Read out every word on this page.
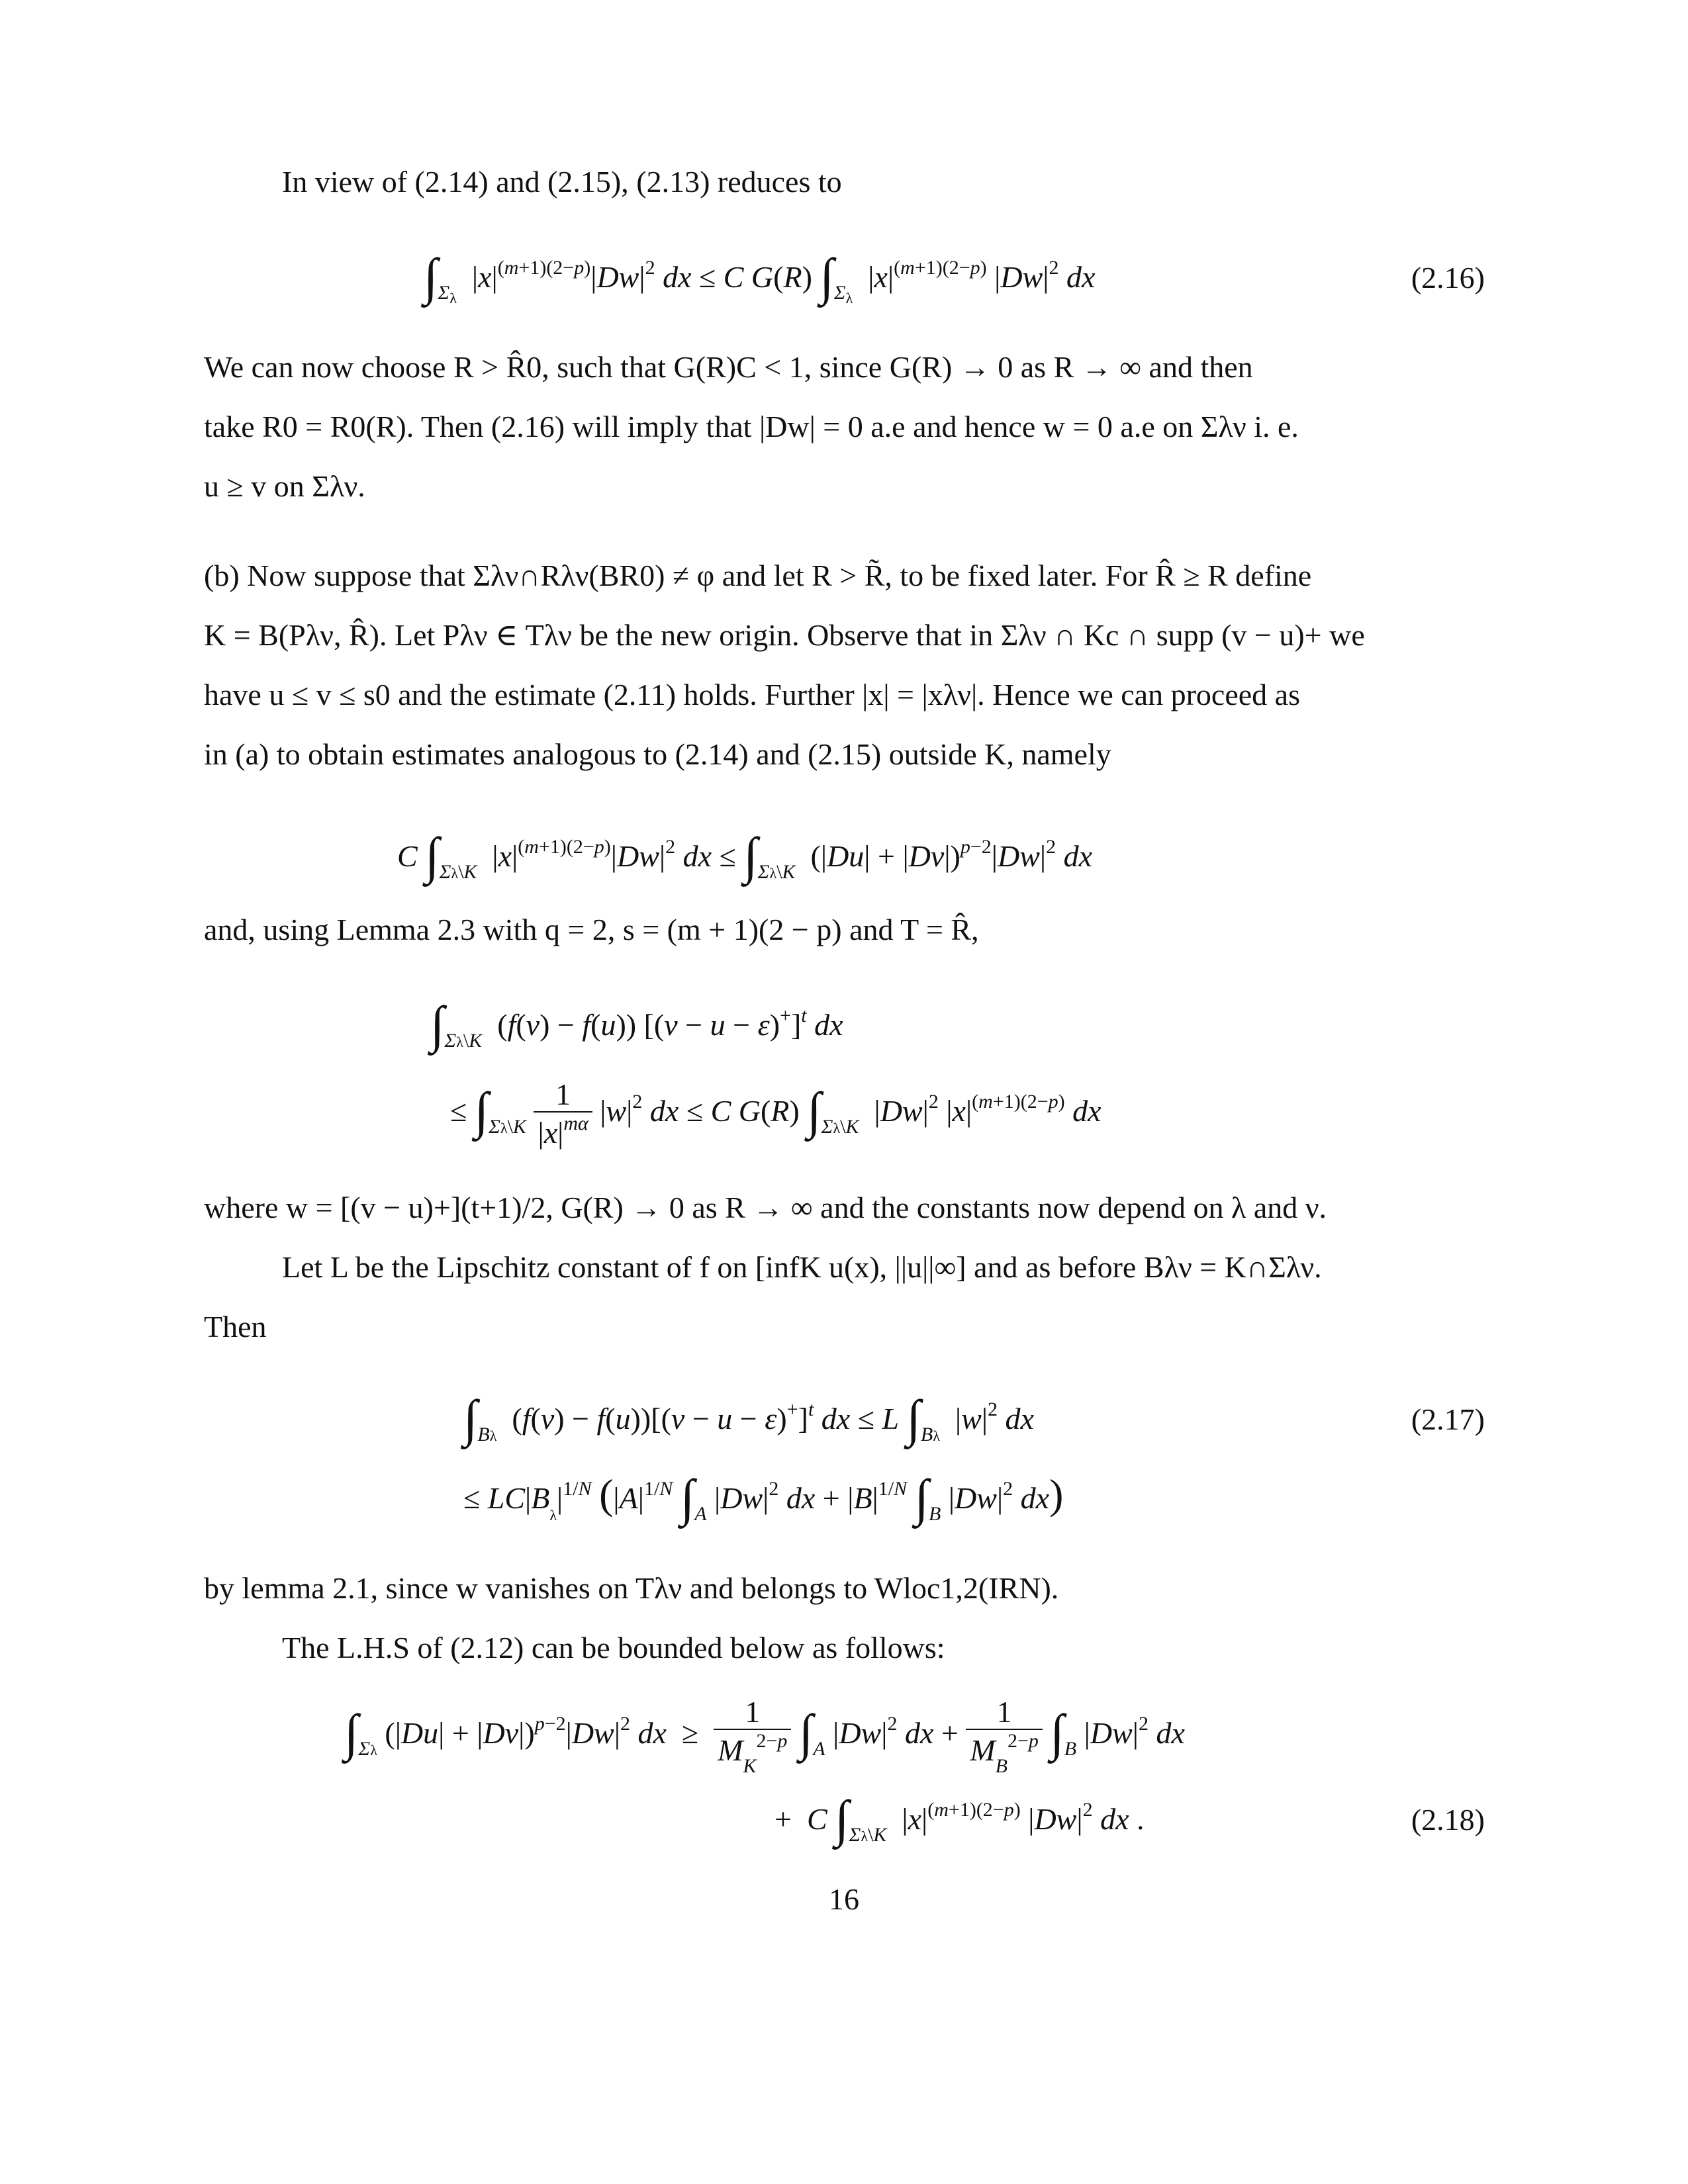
In view of (2.14) and (2.15), (2.13) reduces to

$\int_{\Sigma_\lambda}$  $|x|^{(m+1)(2-p)}|Dw|^2$ dx ≤ C G(R) $\int_{\Sigma_\lambda}$  $|x|^{(m+1)(2-p)}$ $|Dw|^2$ dx	(2.16)
We can now choose R > R̂0, such that G(R)C < 1, since G(R) → 0 as R → ∞ and then
take R0 = R0(R). Then (2.16) will imply that |Dw| = 0 a.e and hence w = 0 a.e on Σλν i. e.
u ≥ v on Σλν.
(b) Now suppose that Σλν∩Rλν(BR0) ≠ φ and let R > R̃, to be fixed later. For R̂ ≥ R define
K = B(Pλν, R̂). Let Pλν ∈ Tλν be the new origin. Observe that in Σλν ∩ Kc ∩ supp (v − u)+ we
have u ≤ v ≤ s0 and the estimate (2.11) holds. Further |x| = |xλν|. Hence we can proceed as
in (a) to obtain estimates analogous to (2.14) and (2.15) outside K, namely
C $\int_{\Sigma\lambda\backslash K}$  $|x|^{(m+1)(2-p)}|Dw|^2$ dx ≤ $\int_{\Sigma\lambda\backslash K}$  $(|Du| + |Dv|)^{p-2}|Dw|^2$ dx

and, using Lemma 2.3 with q = 2, s = (m + 1)(2 − p) and T = R̂,

$\int_{\Sigma\lambda\backslash K}$  (f(v) − f(u)) $[(v - u - \varepsilon)^+]^t$ dx
≤ $\int_{\Sigma\lambda\backslash K} \frac{1}{|x|^{m\alpha}} |w|^2$ dx ≤ C G(R) $\int_{\Sigma\lambda\backslash K}$  $|Dw|^2$ $|x|^{(m+1)(2-p)}$ dx
where w = [(v − u)+](t+1)/2, G(R) → 0 as R → ∞ and the constants now depend on λ and ν.
Let L be the Lipschitz constant of f on [infK u(x), ||u||∞] and as before Bλν = K∩Σλν.
Then
$\int_{B\lambda}$  $(f(v) - f(u))[(v - u - \varepsilon)^+]^t$ dx ≤ L $\int_{B\lambda}$  $|w|^2$ dx	(2.17)
≤ $LC|B_\lambda|^{1/N}$ ($|A|^{1/N}$ $\int_A$ $|Dw|^2$ dx + $|B|^{1/N}$ $\int_B$ $|Dw|^2$ dx)
by lemma 2.1, since w vanishes on Tλν and belongs to Wloc1,2(IRN).
The L.H.S of (2.12) can be bounded below as follows:
$\int_{\Sigma\lambda}$ $(|Du| + |Dv|)^{p-2}|Dw|^2$ dx  ≥ $\frac{1}{M_K^{2-p}} \int_A$ $|Dw|^2$ dx + $\frac{1}{M_B^{2-p}} \int_B$ $|Dw|^2$ dx
+  C $\int_{\Sigma\lambda\backslash K}$  $|x|^{(m+1)(2-p)}$ $|Dw|^2$ dx .	(2.18)
16
